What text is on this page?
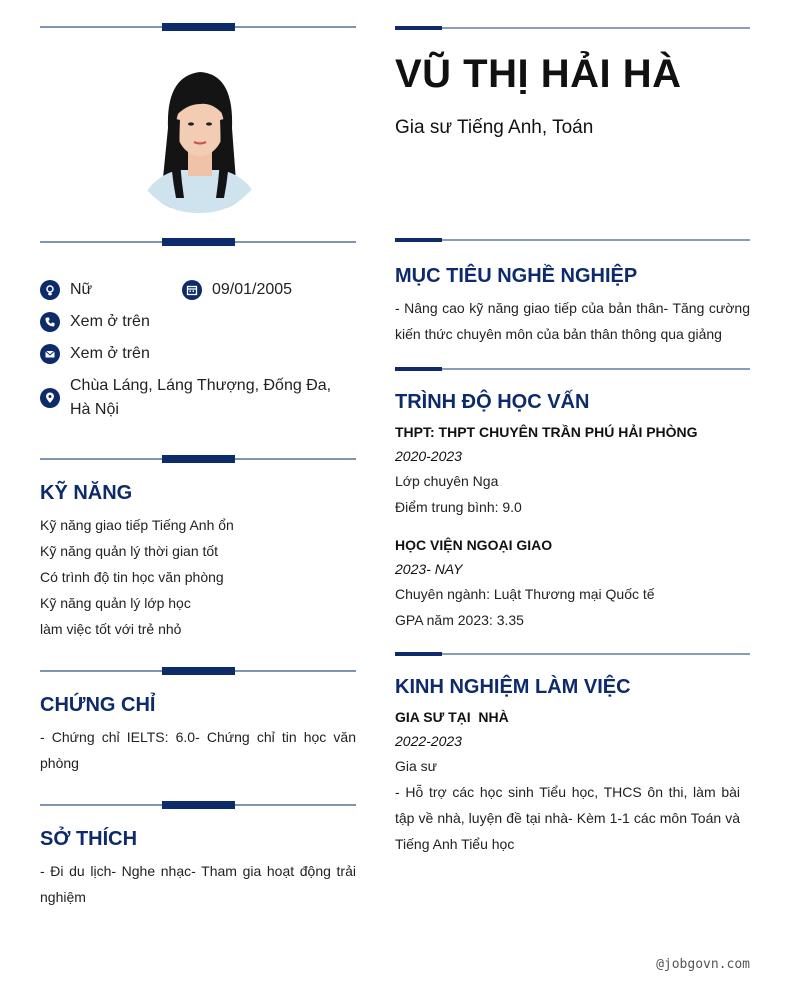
Nữ	09/01/2005
Xem ở trên
Xem ở trên
Chùa Láng, Láng Thượng, Đống Đa, Hà Nội
KỸ NĂNG
Kỹ năng giao tiếp Tiếng Anh ổn
Kỹ năng quản lý thời gian tốt
Có trình độ tin học văn phòng
Kỹ năng quản lý lớp học
làm việc tốt với trẻ nhỏ
CHỨNG CHỈ
- Chứng chỉ IELTS: 6.0- Chứng chỉ tin học văn phòng
SỞ THÍCH
- Đi du lịch- Nghe nhạc- Tham gia hoạt động trải nghiệm
VŨ THỊ HẢI HÀ
Gia sư Tiếng Anh, Toán
MỤC TIÊU NGHỀ NGHIỆP
- Nâng cao kỹ năng giao tiếp của bản thân- Tăng cường kiến thức chuyên môn của bản thân thông qua giảng
TRÌNH ĐỘ HỌC VẤN
THPT: THPT CHUYÊN TRẦN PHÚ HẢI PHÒNG
2020-2023
Lớp chuyên Nga
Điểm trung bình: 9.0
HỌC VIỆN NGOẠI GIAO
2023- NAY
Chuyên ngành: Luật Thương mại Quốc tế
GPA năm 2023: 3.35
KINH NGHIỆM LÀM VIỆC
GIA SƯ TẠI  NHÀ
2022-2023
Gia sư
- Hỗ trợ các học sinh Tiểu học, THCS ôn thi, làm bài tập về nhà, luyện đề tại nhà- Kèm 1-1 các môn Toán và Tiếng Anh Tiểu học
@jobgovn.com
